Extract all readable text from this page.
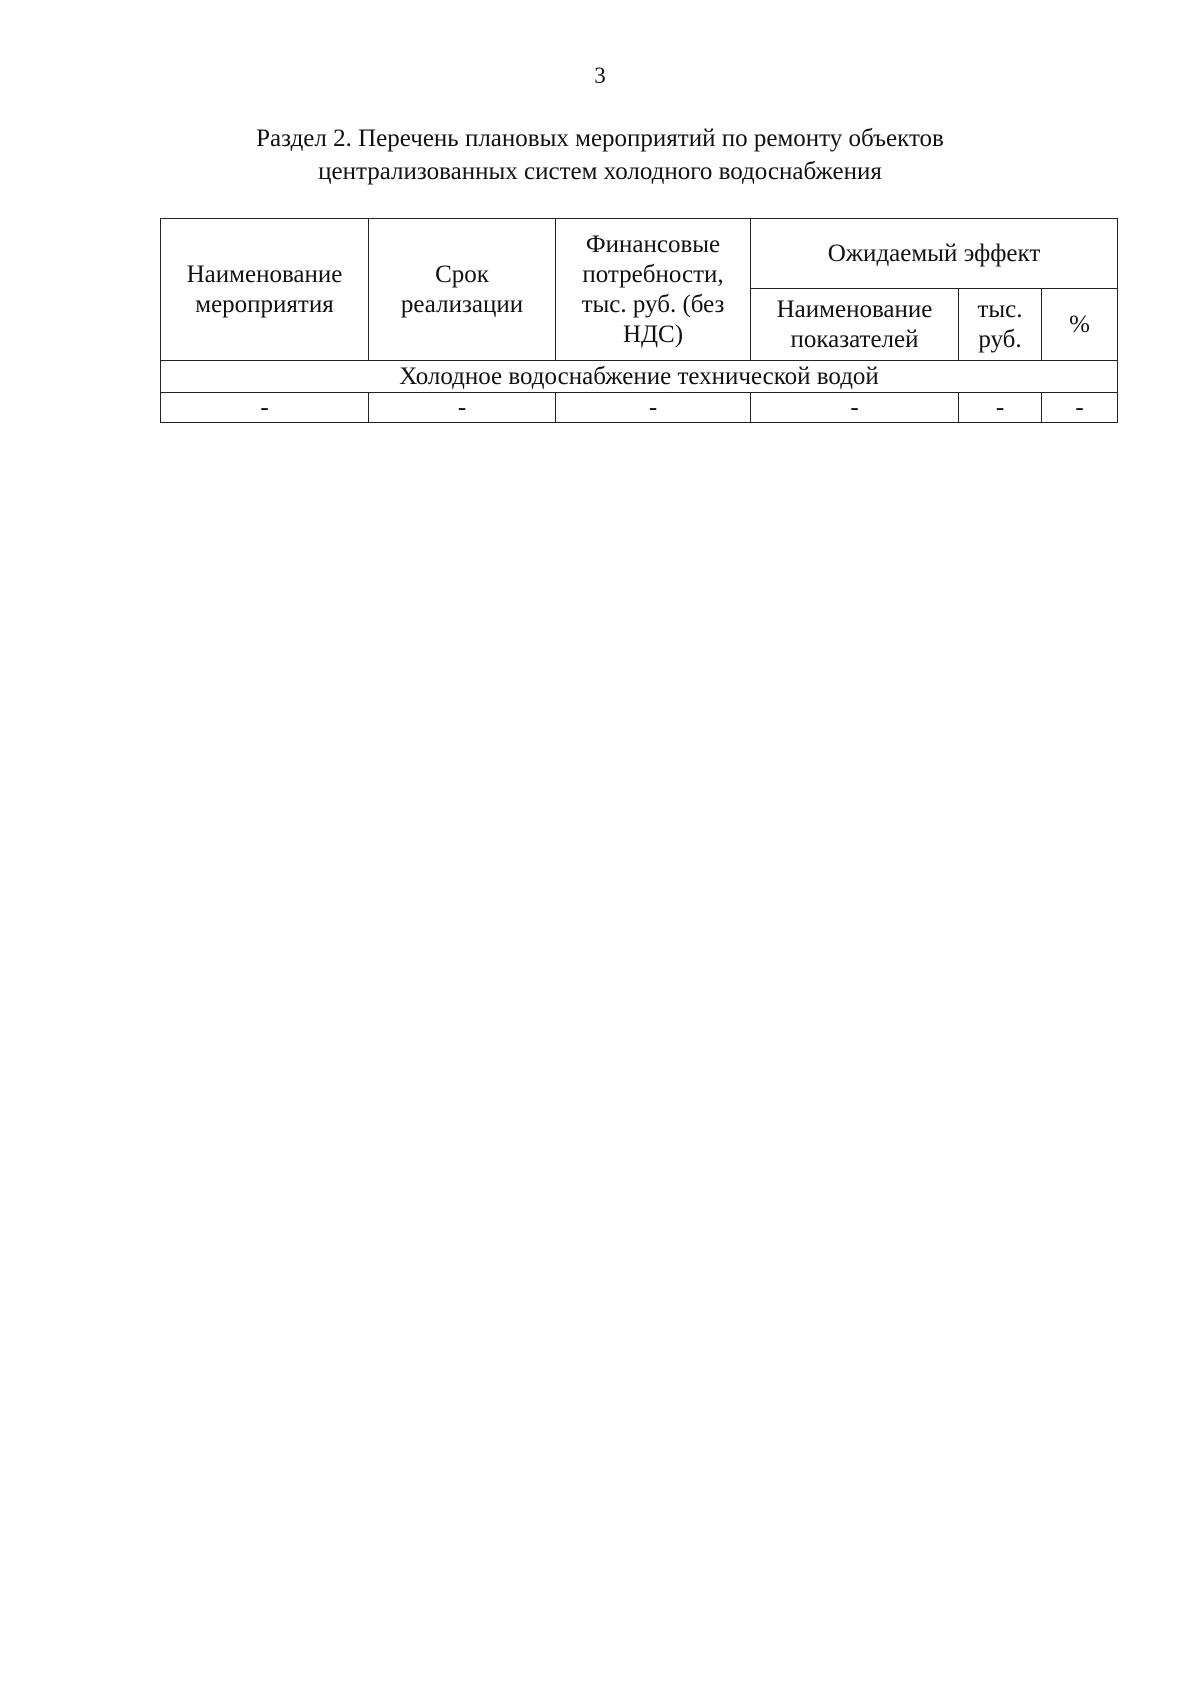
3
Раздел 2. Перечень плановых мероприятий по ремонту объектов
централизованных систем холодного водоснабжения
Наименование мероприятия	Срок реализации	Финансовые потребности, тыс. руб. (без НДС)	Ожидаемый эффект		
			Наименование показателей	тыс. руб.	%
Холодное водоснабжение технической водой					
-	-	-	-	-	-
